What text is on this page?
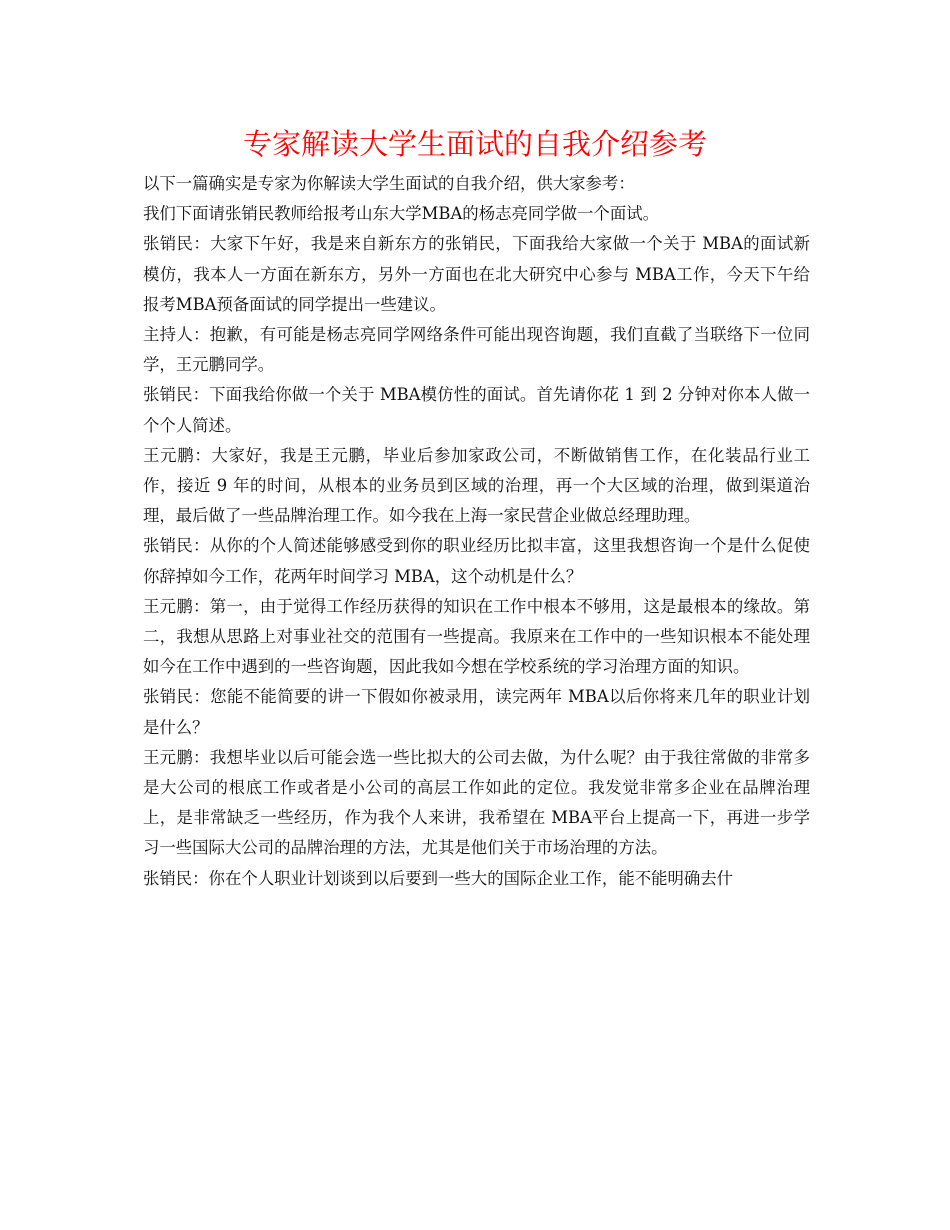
专家解读大学生面试的自我介绍参考

以下一篇确实是专家为你解读大学生面试的自我介绍，供大家参考：

我们下面请张销民教师给报考山东大学MBA的杨志亮同学做一个面试。

张销民：大家下午好，我是来自新东方的张销民，下面我给大家做一个关于 MBA的面试新模仿，我本人一方面在新东方，另外一方面也在北大研究中心参与 MBA工作，今天下午给报考MBA预备面试的同学提出一些建议。

主持人：抱歉，有可能是杨志亮同学网络条件可能出现咨询题，我们直截了当联络下一位同学，王元鹏同学。

张销民：下面我给你做一个关于 MBA模仿性的面试。首先请你花 1 到 2 分钟对你本人做一个个人简述。

王元鹏：大家好，我是王元鹏，毕业后参加家政公司，不断做销售工作，在化装品行业工作，接近 9 年的时间，从根本的业务员到区域的治理，再一个大区域的治理，做到渠道治理，最后做了一些品牌治理工作。如今我在上海一家民营企业做总经理助理。

张销民：从你的个人简述能够感受到你的职业经历比拟丰富，这里我想咨询一个是什么促使你辞掉如今工作，花两年时间学习 MBA，这个动机是什么？

王元鹏：第一，由于觉得工作经历获得的知识在工作中根本不够用，这是最根本的缘故。第二，我想从思路上对事业社交的范围有一些提高。我原来在工作中的一些知识根本不能处理如今在工作中遇到的一些咨询题，因此我如今想在学校系统的学习治理方面的知识。

张销民：您能不能简要的讲一下假如你被录用，读完两年 MBA以后你将来几年的职业计划是什么？

王元鹏：我想毕业以后可能会选一些比拟大的公司去做，为什么呢？由于我往常做的非常多是大公司的根底工作或者是小公司的高层工作如此的定位。我发觉非常多企业在品牌治理上，是非常缺乏一些经历，作为我个人来讲，我希望在 MBA平台上提高一下，再进一步学习一些国际大公司的品牌治理的方法，尤其是他们关于市场治理的方法。

张销民：你在个人职业计划谈到以后要到一些大的国际企业工作，能不能明确去什
